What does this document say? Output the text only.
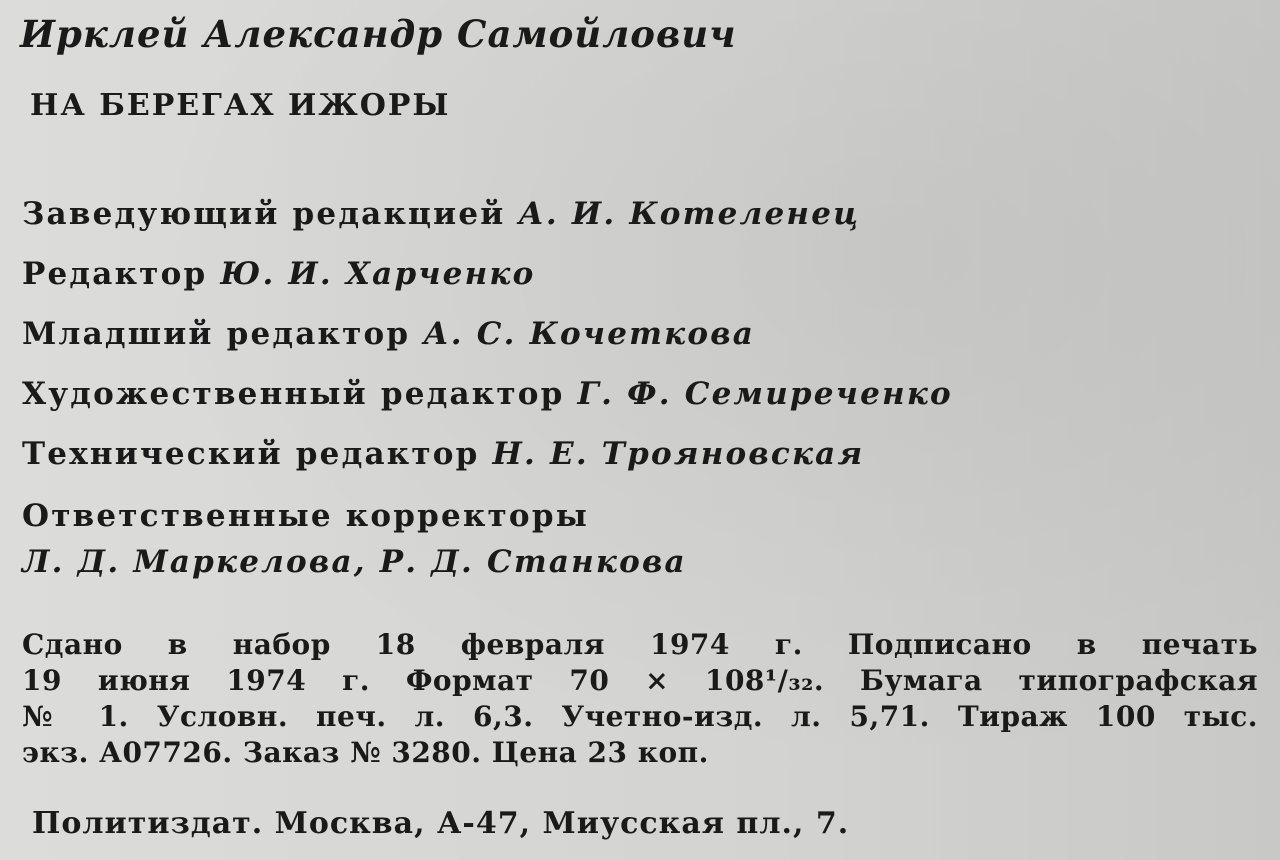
Ирклей Александр Самойлович
НА БЕРЕГАХ ИЖОРЫ
Заведующий редакцией А. И. Котеленец
Редактор Ю. И. Харченко
Младший редактор А. С. Кочеткова
Художественный редактор Г. Ф. Семиреченко
Технический редактор Н. Е. Трояновская
Ответственные корректоры
Л. Д. Маркелова, Р. Д. Станкова
Сдано в набор 18 февраля 1974 г. Подписано в печать
19 июня 1974 г. Формат 70 × 108¹/₃₂. Бумага типографская
№ 1. Условн. печ. л. 6,3. Учетно-изд. л. 5,71. Тираж 100 тыс.
экз. А07726. Заказ № 3280. Цена 23 коп.
Политиздат. Москва, А-47, Миусская пл., 7.
